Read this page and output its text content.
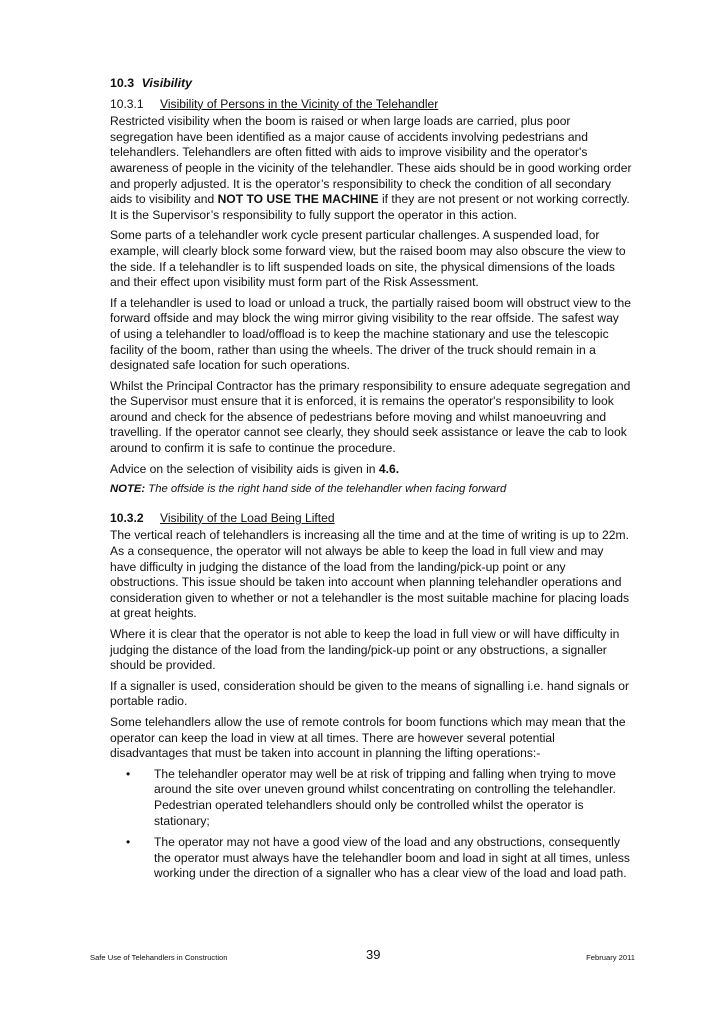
10.3 Visibility
10.3.1 Visibility of Persons in the Vicinity of the Telehandler

Restricted visibility when the boom is raised or when large loads are carried, plus poor segregation have been identified as a major cause of accidents involving pedestrians and telehandlers. Telehandlers are often fitted with aids to improve visibility and the operator's awareness of people in the vicinity of the telehandler. These aids should be in good working order and properly adjusted. It is the operator’s responsibility to check the condition of all secondary aids to visibility and NOT TO USE THE MACHINE if they are not present or not working correctly. It is the Supervisor’s responsibility to fully support the operator in this action.

Some parts of a telehandler work cycle present particular challenges. A suspended load, for example, will clearly block some forward view, but the raised boom may also obscure the view to the side. If a telehandler is to lift suspended loads on site, the physical dimensions of the loads and their effect upon visibility must form part of the Risk Assessment.

If a telehandler is used to load or unload a truck, the partially raised boom will obstruct view to the forward offside and may block the wing mirror giving visibility to the rear offside. The safest way of using a telehandler to load/offload is to keep the machine stationary and use the telescopic facility of the boom, rather than using the wheels. The driver of the truck should remain in a designated safe location for such operations.

Whilst the Principal Contractor has the primary responsibility to ensure adequate segregation and the Supervisor must ensure that it is enforced, it is remains the operator's responsibility to look around and check for the absence of pedestrians before moving and whilst manoeuvring and travelling. If the operator cannot see clearly, they should seek assistance or leave the cab to look around to confirm it is safe to continue the procedure.

Advice on the selection of visibility aids is given in 4.6.

NOTE: The offside is the right hand side of the telehandler when facing forward
10.3.2 Visibility of the Load Being Lifted

The vertical reach of telehandlers is increasing all the time and at the time of writing is up to 22m. As a consequence, the operator will not always be able to keep the load in full view and may have difficulty in judging the distance of the load from the landing/pick-up point or any obstructions. This issue should be taken into account when planning telehandler operations and consideration given to whether or not a telehandler is the most suitable machine for placing loads at great heights.

Where it is clear that the operator is not able to keep the load in full view or will have difficulty in judging the distance of the load from the landing/pick-up point or any obstructions, a signaller should be provided.

If a signaller is used, consideration should be given to the means of signalling i.e. hand signals or portable radio.

Some telehandlers allow the use of remote controls for boom functions which may mean that the operator can keep the load in view at all times. There are however several potential disadvantages that must be taken into account in planning the lifting operations:-

• The telehandler operator may well be at risk of tripping and falling when trying to move around the site over uneven ground whilst concentrating on controlling the telehandler. Pedestrian operated telehandlers should only be controlled whilst the operator is stationary;
• The operator may not have a good view of the load and any obstructions, consequently the operator must always have the telehandler boom and load in sight at all times, unless working under the direction of a signaller who has a clear view of the load and load path.
Safe Use of Telehandlers in Construction	39	February 2011
